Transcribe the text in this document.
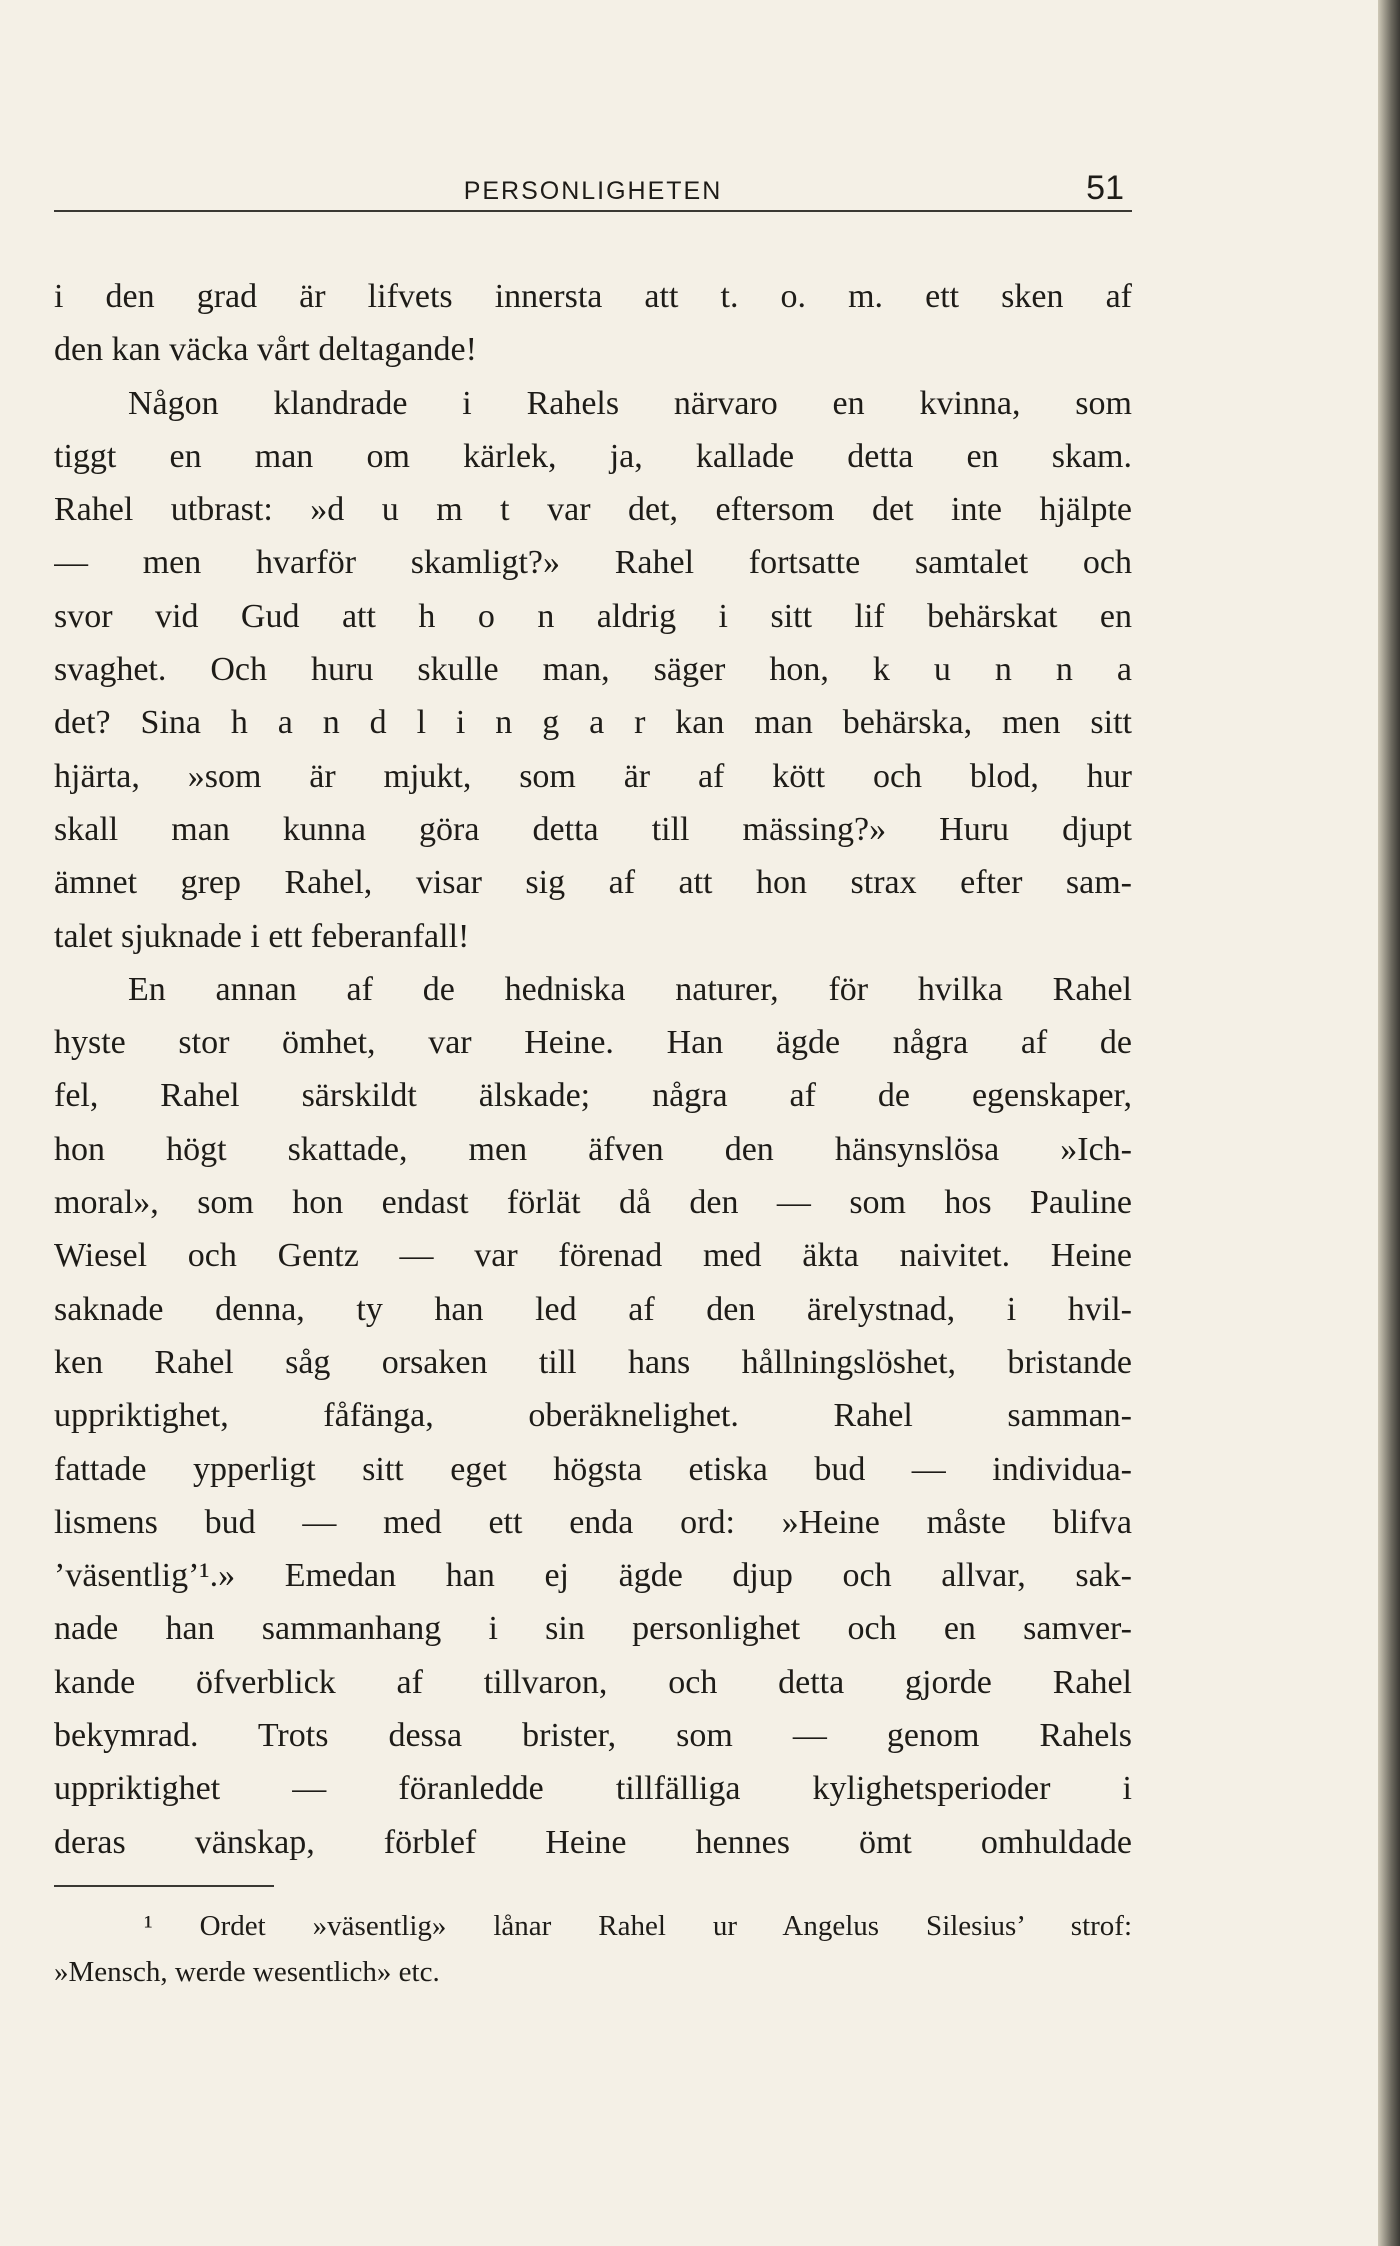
PERSONLIGHETEN	51
i den grad är lifvets innersta att t. o. m. ett sken af
den kan väcka vårt deltagande!
Någon klandrade i Rahels närvaro en kvinna, som
tiggt en man om kärlek, ja, kallade detta en skam.
Rahel utbrast: »d u m t var det, eftersom det inte hjälpte
— men hvarför skamligt?» Rahel fortsatte samtalet och
svor vid Gud att h o n aldrig i sitt lif behärskat en
svaghet. Och huru skulle man, säger hon, k u n n a
det? Sina h a n d l i n g a r kan man behärska, men sitt
hjärta, »som är mjukt, som är af kött och blod, hur
skall man kunna göra detta till mässing?» Huru djupt
ämnet grep Rahel, visar sig af att hon strax efter sam-
talet sjuknade i ett feberanfall!
En annan af de hedniska naturer, för hvilka Rahel
hyste stor ömhet, var Heine. Han ägde några af de
fel, Rahel särskildt älskade; några af de egenskaper,
hon högt skattade, men äfven den hänsynslösa »Ich-
moral», som hon endast förlät då den — som hos Pauline
Wiesel och Gentz — var förenad med äkta naivitet. Heine
saknade denna, ty han led af den ärelystnad, i hvil-
ken Rahel såg orsaken till hans hållningslöshet, bristande
uppriktighet, fåfänga, oberäknelighet. Rahel samman-
fattade ypperligt sitt eget högsta etiska bud — individua-
lismens bud — med ett enda ord: »Heine måste blifva
’väsentlig’¹.» Emedan han ej ägde djup och allvar, sak-
nade han sammanhang i sin personlighet och en samver-
kande öfverblick af tillvaron, och detta gjorde Rahel
bekymrad. Trots dessa brister, som — genom Rahels
uppriktighet — föranledde tillfälliga kylighetsperioder i
deras vänskap, förblef Heine hennes ömt omhuldade
¹ Ordet »väsentlig» lånar Rahel ur Angelus Silesius’ strof:
»Mensch, werde wesentlich» etc.
